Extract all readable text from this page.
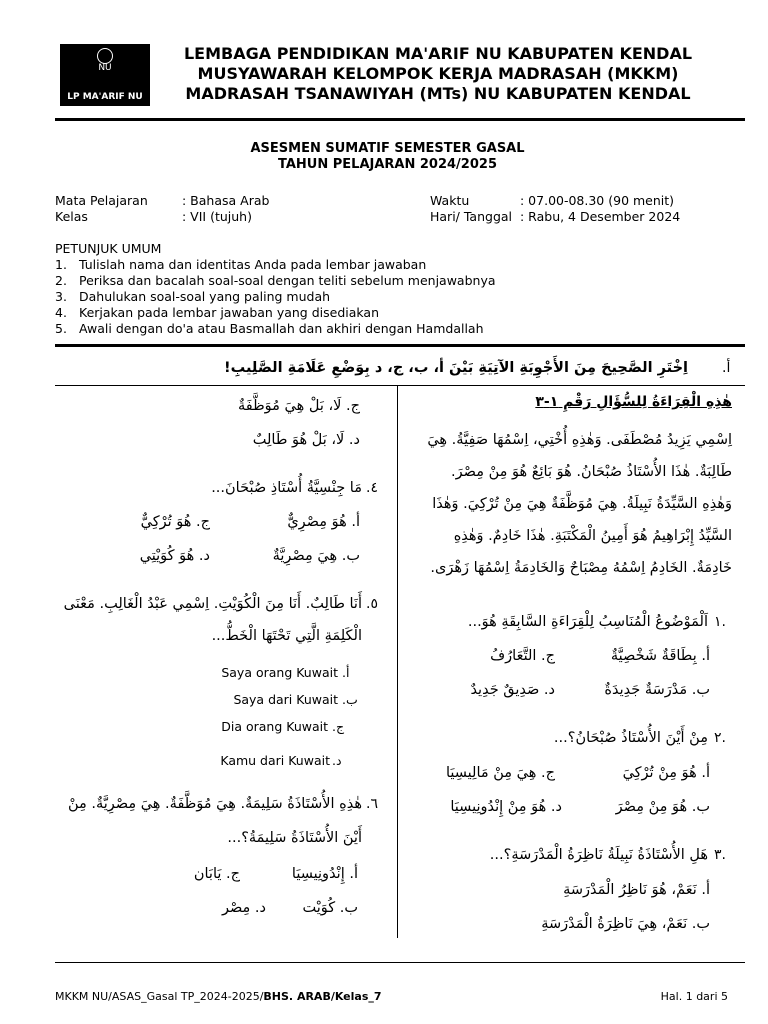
NU
LP MA'ARIF NU
LEMBAGA PENDIDIKAN MA'ARIF NU KABUPATEN KENDAL
MUSYAWARAH KELOMPOK KERJA MADRASAH (MKKM)
MADRASAH TSANAWIYAH (MTs) NU KABUPATEN KENDAL
ASESMEN SUMATIF SEMESTER GASAL
TAHUN PELAJARAN 2024/2025
Mata Pelajaran	: Bahasa Arab
Kelas	: VII (tujuh)
Waktu	: 07.00-08.30 (90 menit)
Hari/ Tanggal : Rabu, 4 Desember 2024
PETUNJUK UMUM
1. Tulislah nama dan identitas Anda pada lembar jawaban
2. Periksa dan bacalah soal-soal dengan teliti sebelum menjawabnya
3. Dahulukan soal-soal yang paling mudah
4. Kerjakan pada lembar jawaban yang disediakan
5. Awali dengan do'a atau Basmallah dan akhiri dengan Hamdallah
اِخْتَرِ الصَّحِيحَ مِنَ الأَجْوِبَةِ الآتِيَةِ بَيْنَ أ، ب، ج، د بِوَضْعِ عَلَامَةِ الصَّلِيبِ! .أ
هٰذِهِ الْقِرَاءَةُ لِلسُّؤَالِ رَقْمِ ١-٣
اِسْمِي يَزِيدُ مُصْطَفَى. وَهٰذِهِ أُخْتِي، اِسْمُهَا صَفِيَّةُ. هِيَ
طَالِبَةٌ. هٰذَا الأُسْتَاذُ صُبْحَانُ. هُوَ بَائِعٌ هُوَ مِنْ مِصْرَ.
وَهٰذِهِ السَّيِّدَةُ نَبِيلَةُ. هِيَ مُوَظَّفَةٌ هِيَ مِنْ تُرْكِيَ. وَهٰذَا
السَّيِّدُ إِبْرَاهِيمُ هُوَ أَمِينُ الْمَكْتَبَةِ. هٰذَا خَادِمٌ. وَهٰذِهِ
خَادِمَةٌ. الخَادِمُ اِسْمُهُ مِصْبَاحٌ وَالخَادِمَةُ اِسْمُهَا زَهْرَى.
اَلْمَوْضُوعُ الْمُنَاسِبُ لِلْقِرَاءَةِ السَّابِقَةِ هُوَ... ١.
أ. بِطَاقَةٌ شَخْصِيَّةٌ
ج. التَّعَارُفُ
ب. مَدْرَسَةٌ جَدِيدَةٌ
د. صَدِيقٌ جَدِيدٌ
مِنْ أَيْنَ الأُسْتَاذُ صُبْحَانُ؟... ٢.
أ. هُوَ مِنْ تُرْكِيَ
ج. هِيَ مِنْ مَالِيسِيَا
ب. هُوَ مِنْ مِصْرَ
د. هُوَ مِنْ إِنْدُونِيسِيَا
هَلِ الأُسْتَاذَةُ نَبِيلَةُ نَاظِرَةُ الْمَدْرَسَةِ؟... ٣.
أ. نَعَمْ، هُوَ نَاظِرُ الْمَدْرَسَةِ
ب. نَعَمْ، هِيَ نَاظِرَةُ الْمَدْرَسَةِ
ج. لَا، بَلْ هِيَ مُوَظَّفَةٌ
د. لَا، بَلْ هُوَ طَالِبٌ
مَا جِنْسِيَّةُ أُسْتَاذِ صُبْحَانَ... .٤
أ. هُوَ مِصْرِيٌّ
ج. هُوَ تُرْكِيٌّ
ب. هِيَ مِصْرِيَّةٌ
د. هُوَ كُوَيْتِي
أَنَا طَالِبٌ. أَنَا مِنَ الْكُوَيْتِ. اِسْمِي عَبْدُ الْغَالِبِ. مَعْنَى .٥
الْكَلِمَةِ الَّتِي تَحْتَهَا الْخَطُّ...
Saya orang Kuwait .أ
Saya dari Kuwait .ب
Dia orang Kuwait .ج
Kamu dari Kuwait .د
هٰذِهِ الأُسْتَاذَةُ سَلِيمَةٌ. هِيَ مُوَظَّفَةٌ. هِيَ مِصْرِيَّةٌ. مِنْ .٦
أَيْنَ الأُسْتَاذَةُ سَلِيمَةُ؟...
أ. إِنْدُونِيسِيَا
ج. يَابَان
ب. كُوَيْت
د. مِصْر
MKKM NU/ASAS_Gasal TP_2024-2025/BHS. ARAB/Kelas_7	Hal. 1 dari 5
